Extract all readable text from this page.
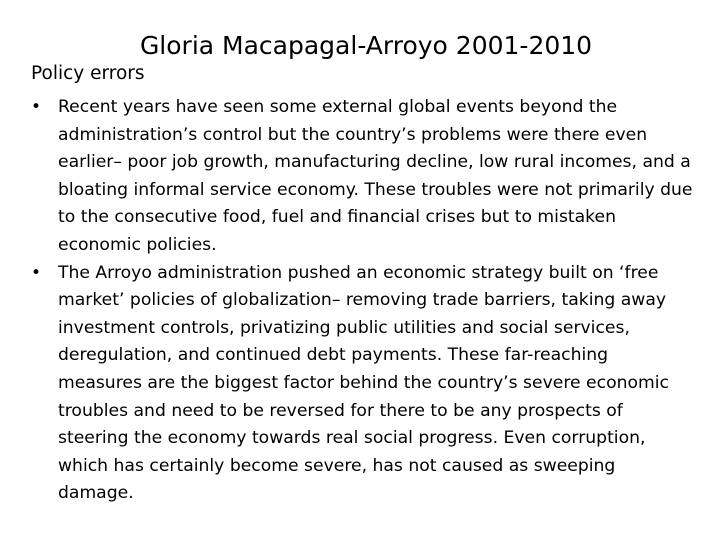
Gloria Macapagal-Arroyo 2001-2010
Policy errors
• Recent years have seen some external global events beyond the administration’s control but the country’s problems were there even earlier– poor job growth, manufacturing decline, low rural incomes, and a bloating informal service economy. These troubles were not primarily due to the consecutive food, fuel and financial crises but to mistaken economic policies.
• The Arroyo administration pushed an economic strategy built on ‘free market’ policies of globalization– removing trade barriers, taking away investment controls, privatizing public utilities and social services, deregulation, and continued debt payments. These far-reaching measures are the biggest factor behind the country’s severe economic troubles and need to be reversed for there to be any prospects of steering the economy towards real social progress. Even corruption, which has certainly become severe, has not caused as sweeping damage.
